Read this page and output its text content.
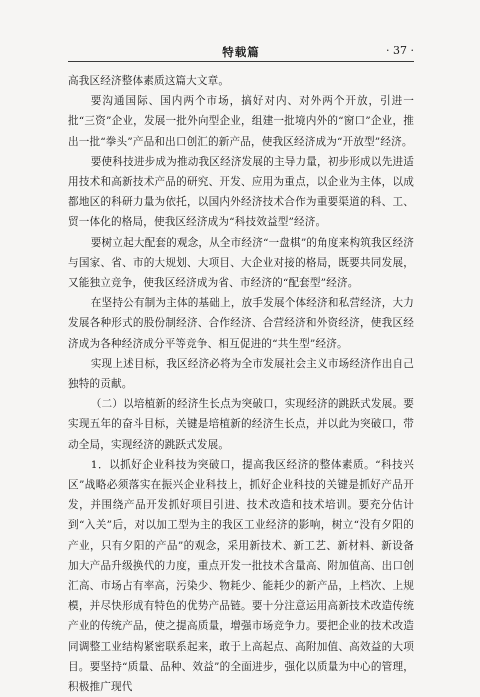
特载篇	· 37 ·

高我区经济整体素质这篇大文章。

要沟通国际、国内两个市场，搞好对内、对外两个开放，引进一批“三资”企业，发展一批外向型企业，组建一批境内外的“窗口”企业，推出一批“拳头”产品和出口创汇的新产品，使我区经济成为“开放型”经济。

要使科技进步成为推动我区经济发展的主导力量，初步形成以先进适用技术和高新技术产品的研究、开发、应用为重点，以企业为主体，以成都地区的科研力量为依托，以国内外经济技术合作为重要渠道的科、工、贸一体化的格局，使我区经济成为“科技效益型”经济。

要树立起大配套的观念，从全市经济“一盘棋”的角度来构筑我区经济与国家、省、市的大规划、大项目、大企业对接的格局，既要共同发展，又能独立竞争，使我区经济成为省、市经济的“配套型”经济。

在坚持公有制为主体的基础上，放手发展个体经济和私营经济，大力发展各种形式的股份制经济、合作经济、合营经济和外资经济，使我区经济成为各种经济成分平等竞争、相互促进的“共生型”经济。

实现上述目标，我区经济必将为全市发展社会主义市场经济作出自己独特的贡献。

（二）以培植新的经济生长点为突破口，实现经济的跳跃式发展。要实现五年的奋斗目标，关键是培植新的经济生长点，并以此为突破口，带动全局，实现经济的跳跃式发展。

1．以抓好企业科技为突破口，提高我区经济的整体素质。“科技兴区”战略必须落实在振兴企业科技上，抓好企业科技的关键是抓好产品开发，并围绕产品开发抓好项目引进、技术改造和技术培训。要充分估计到“入关”后，对以加工型为主的我区工业经济的影响，树立“没有夕阳的产业，只有夕阳的产品”的观念，采用新技术、新工艺、新材料、新设备加大产品升级换代的力度，重点开发一批技术含量高、附加值高、出口创汇高、市场占有率高，污染少、物耗少、能耗少的新产品，上档次、上规模，并尽快形成有特色的优势产品链。要十分注意运用高新技术改造传统产业的传统产品，使之提高质量，增强市场竞争力。要把企业的技术改造同调整工业结构紧密联系起来，敢于上高起点、高附加值、高效益的大项目。要坚持“质量、品种、效益”的全面进步，强化以质量为中心的管理，积极推广现代
